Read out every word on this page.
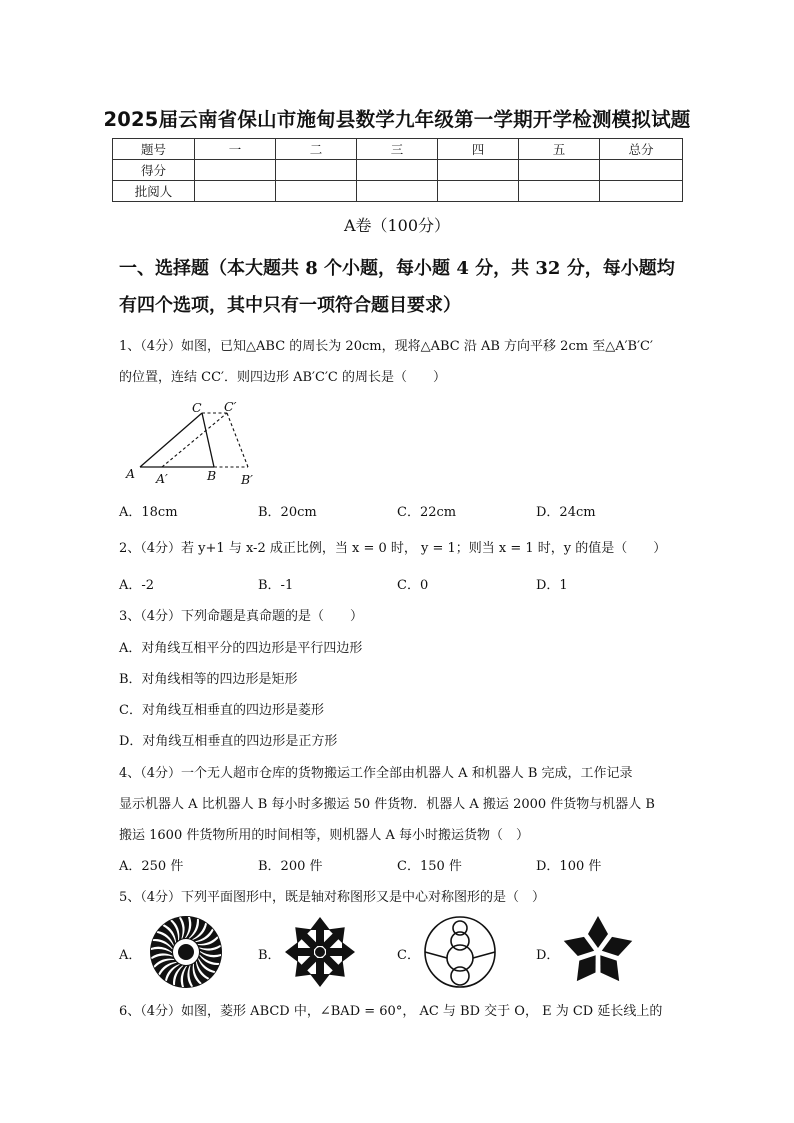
2025届云南省保山市施甸县数学九年级第一学期开学检测模拟试题
题号	一	二	三	四	五	总分
得分						
批阅人						
A卷（100分）
一、选择题（本大题共 8 个小题，每小题 4 分，共 32 分，每小题均
有四个选项，其中只有一项符合题目要求）
1、（4分）如图，已知△ABC 的周长为 20cm，现将△ABC 沿 AB 方向平移 2cm 至△A′B′C′
的位置，连结 CC′．则四边形 AB′C′C 的周长是（　　）
C C′
A A′	B B′
A．18cm	B．20cm	C．22cm	D．24cm
2、（4分）若 y+1 与 x-2 成正比例，当 x = 0 时， y = 1；则当 x = 1 时，y 的值是（　　）
A．-2	B．-1	C．0	D．1
3、（4分）下列命题是真命题的是（　　）
A．对角线互相平分的四边形是平行四边形
B．对角线相等的四边形是矩形
C．对角线互相垂直的四边形是菱形
D．对角线互相垂直的四边形是正方形
4、（4分）一个无人超市仓库的货物搬运工作全部由机器人 A 和机器人 B 完成，工作记录
显示机器人 A 比机器人 B 每小时多搬运 50 件货物．机器人 A 搬运 2000 件货物与机器人 B
搬运 1600 件货物所用的时间相等，则机器人 A 每小时搬运货物（　）
A．250 件	B．200 件	C．150 件	D．100 件
5、（4分）下列平面图形中，既是轴对称图形又是中心对称图形的是（　）
A．	B．	C．	D．
6、（4分）如图，菱形 ABCD 中，∠BAD = 60°， AC 与 BD 交于 O， E 为 CD 延长线上的
